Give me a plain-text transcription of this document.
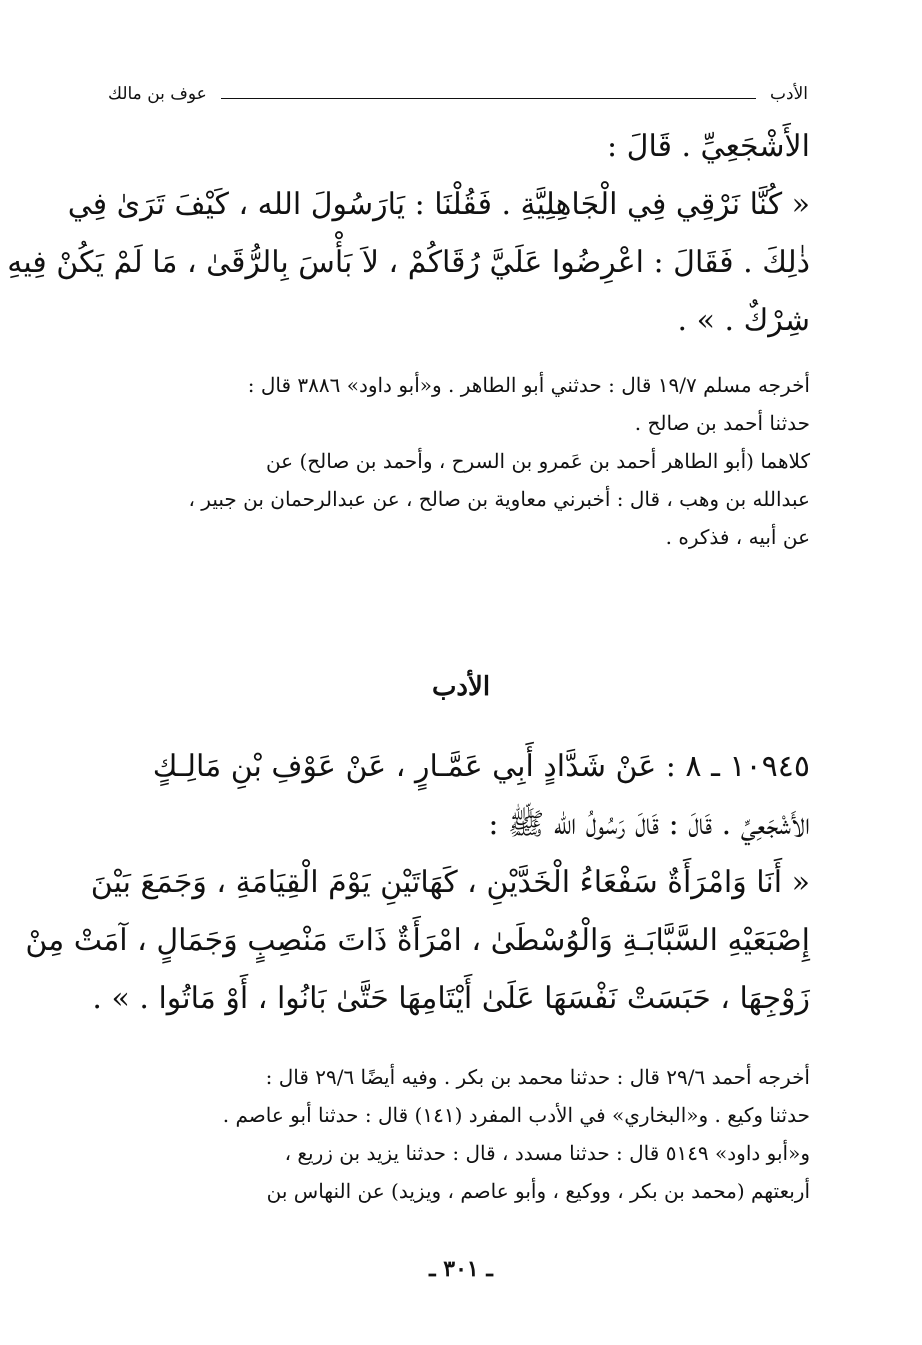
الأدب
عوف بن مالك
الأَشْجَعِيِّ . قَالَ :
« كُنَّا نَرْقِي فِي الْجَاهِلِيَّةِ . فَقُلْنَا : يَارَسُولَ الله ، كَيْفَ تَرَىٰ فِي
ذٰلِكَ . فَقَالَ : اعْرِضُوا عَلَيَّ رُقَاكُمْ ، لاَ بَأْسَ بِالرُّقَىٰ ، مَا لَمْ يَكُنْ فِيهِ
شِرْكٌ . » .
أخرجه مسلم ١٩/٧ قال : حدثني أبو الطاهر . و«أبو داود» ٣٨٨٦ قال :
حدثنا أحمد بن صالح .
كلاهما (أبو الطاهر أحمد بن عَمرو بن السرح ، وأحمد بن صالح) عن
عبدالله بن وهب ، قال : أخبرني معاوية بن صالح ، عن عبدالرحمان بن جبير ،
عن أبيه ، فذكره .
الأدب
١٠٩٤٥ ـ ٨ : عَنْ شَدَّادٍ أَبِي عَمَّـارٍ ، عَنْ عَوْفِ بْنِ مَالِـكٍ
الأَشْجَعِيِّ . قَالَ : قَالَ رَسُولُ الله ﷺ :
« أَنَا وَامْرَأَةٌ سَفْعَاءُ الْخَدَّيْنِ ، كَهَاتَيْنِ يَوْمَ الْقِيَامَةِ ، وَجَمَعَ بَيْنَ
إِصْبَعَيْهِ السَّبَّابَـةِ وَالْوُسْطَىٰ ، امْرَأَةٌ ذَاتَ مَنْصِبٍ وَجَمَالٍ ، آمَتْ مِنْ
زَوْجِهَا ، حَبَسَتْ نَفْسَهَا عَلَىٰ أَيْتَامِهَا حَتَّىٰ بَانُوا ، أَوْ مَاتُوا . » .
أخرجه أحمد ٢٩/٦ قال : حدثنا محمد بن بكر . وفيه أيضًا ٢٩/٦ قال :
حدثنا وكيع . و«البخاري» في الأدب المفرد (١٤١) قال : حدثنا أبو عاصم .
و«أبو داود» ٥١٤٩ قال : حدثنا مسدد ، قال : حدثنا يزيد بن زريع ،
أربعتهم (محمد بن بكر ، ووكيع ، وأبو عاصم ، ويزيد) عن النهاس بن
ـ ٣٠١ ـ
